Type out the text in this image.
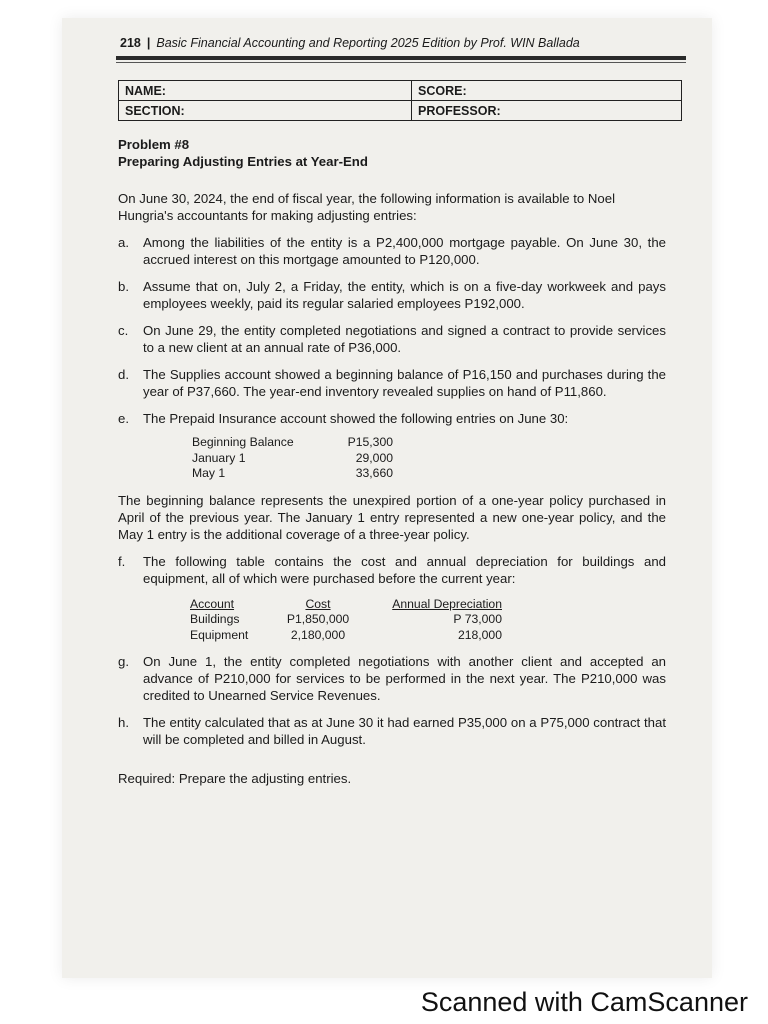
218 | Basic Financial Accounting and Reporting 2025 Edition by Prof. WIN Ballada
NAME:	SCORE:
SECTION:	PROFESSOR:
Problem #8
Preparing Adjusting Entries at Year-End
On June 30, 2024, the end of fiscal year, the following information is available to Noel Hungria's accountants for making adjusting entries:
a.	Among the liabilities of the entity is a P2,400,000 mortgage payable. On June 30, the accrued interest on this mortgage amounted to P120,000.
b.	Assume that on, July 2, a Friday, the entity, which is on a five-day workweek and pays employees weekly, paid its regular salaried employees P192,000.
c.	On June 29, the entity completed negotiations and signed a contract to provide services to a new client at an annual rate of P36,000.
d.	The Supplies account showed a beginning balance of P16,150 and purchases during the year of P37,660. The year-end inventory revealed supplies on hand of P11,860.
e.	The Prepaid Insurance account showed the following entries on June 30:
Beginning Balance	P15,300
January 1	29,000
May 1	33,660
The beginning balance represents the unexpired portion of a one-year policy purchased in April of the previous year. The January 1 entry represented a new one-year policy, and the May 1 entry is the additional coverage of a three-year policy.
f.	The following table contains the cost and annual depreciation for buildings and equipment, all of which were purchased before the current year:
Account	Cost	Annual Depreciation
Buildings	P1,850,000	P 73,000
Equipment	2,180,000	218,000
g.	On June 1, the entity completed negotiations with another client and accepted an advance of P210,000 for services to be performed in the next year. The P210,000 was credited to Unearned Service Revenues.
h.	The entity calculated that as at June 30 it had earned P35,000 on a P75,000 contract that will be completed and billed in August.
Required: Prepare the adjusting entries.
Scanned with CamScanner
